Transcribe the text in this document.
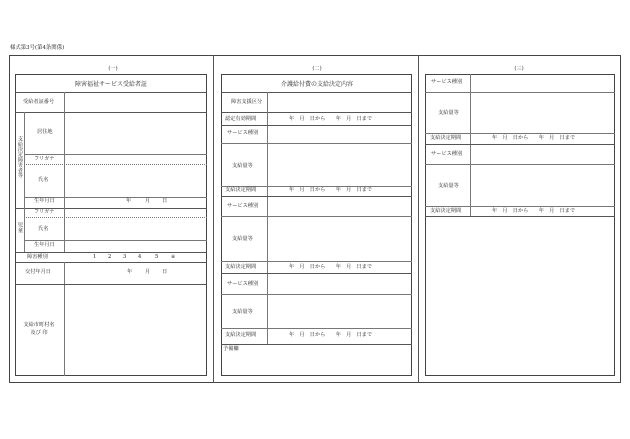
様式第3号(第4条関係)
(一)
障害福祉サービス受給者証
受給者証番号
支給決定障害者等
居住地
フリガナ
氏名
生年月日	年	月 日
児童
フリガナ
氏名
生年月日
障害種別	1 2 3 4	5 ※
交付年月日	年 月 日
支給市町村名
及び 印
(二)
介護給付費の支給決定内容
障害支援区分
認定有効期間	年　月　日から　　年　月　日まで
サービス種別
支給量等
支給決定期間	年　月　日から　　年　月　日まで
サービス種別
支給量等
支給決定期間	年　月　日から　　年　月　日まで
サービス種別
支給量等
支給決定期間	年　月　日から　　年　月　日まで
予備欄
(三)
サービス種別
支給量等
支給決定期間	年　月　日から　　年　月　日まで
サービス種別
支給量等
支給決定期間	年　月　日から　　年　月　日まで
